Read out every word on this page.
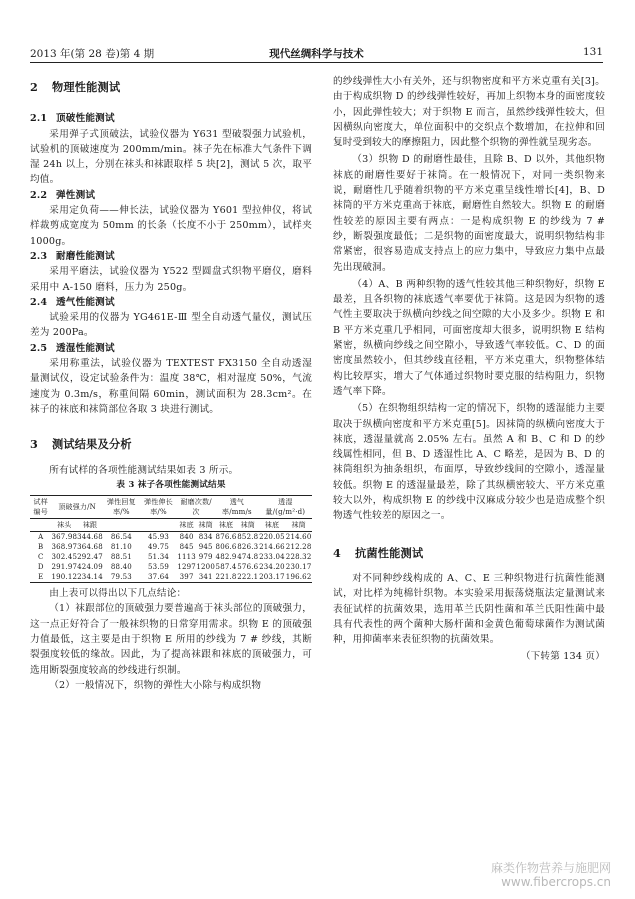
2013 年(第 28 卷)第 4 期	现代丝绸科学与技术	131
2 物理性能测试
2.1 顶破性能测试

采用弹子式顶破法，试验仪器为 Y631 型破裂强力试验机，试验机的顶破速度为 200mm/min。袜子先在标准大气条件下调湿 24h 以上，分别在袜头和袜跟取样 5 块[2]，测试 5 次，取平均值。

2.2 弹性测试

采用定负荷——伸长法，试验仪器为 Y601 型拉伸仪，将试样裁剪成宽度为 50mm 的长条（长度不小于 250mm），试样夹 1000g。

2.3 耐磨性能测试

采用平磨法，试验仪器为 Y522 型圆盘式织物平磨仪，磨料采用中 A-150 磨料，压力为 250g。

2.4 透气性能测试

试验采用的仪器为 YG461E-Ⅲ 型全自动透气量仪，测试压差为 200Pa。

2.5 透湿性能测试

采用称重法，试验仪器为 TEXTEST FX3150 全自动透湿量测试仪，设定试验条件为：温度 38℃，相对湿度 50%，气流速度为 0.3m/s，称重间隔 60min，测试面积为 28.3cm²。在袜子的袜底和袜筒部位各取 3 块进行测试。

3 测试结果及分析

所有试样的各项性能测试结果如表 3 所示。

表 3 袜子各项性能测试结果
试样编号	顶破强力/N		弹性回复率/%	弹性伸长率/%	耐磨次数/次		透气率/mm/s		透湿量/(g/m²·d)	
	袜头	袜跟			袜底	袜筒	袜底	袜筒	袜底	袜筒
A	367.98	344.68	86.54	45.93	840	834	876.6	852.8	220.05	214.60
B	368.97	364.68	81.10	49.75	845	945	806.6	826.3	214.66	212.28
C	302.45	292.47	88.51	51.34	1113	979	482.9	474.8	233.04	228.32
D	291.97	424.09	88.40	53.59	1297	1200	587.4	576.6	234.20	230.17
E	190.12	234.14	79.53	37.64	397	341	221.8	222.1	203.17	196.62

由上表可以得出以下几点结论：

（1）袜跟部位的顶破强力要普遍高于袜头部位的顶破强力，这一点正好符合了一般袜织物的日常穿用需求。织物 E 的顶破强力值最低，这主要是由于织物 E 所用的纱线为 7 # 纱线，其断裂强度较低的缘故。因此，为了提高袜跟和袜底的顶破强力，可选用断裂强度较高的纱线进行织制。

（2）一般情况下，织物的弹性大小除与构成织物

的纱线弹性大小有关外，还与织物密度和平方米克重有关[3]。由于构成织物 D 的纱线弹性较好，再加上织物本身的面密度较小，因此弹性较大；对于织物 E 而言，虽然纱线弹性较大，但因横纵向密度大，单位面积中的交织点个数增加，在拉伸和回复时受到较大的摩擦阻力，因此整个织物的弹性就呈现劣态。

（3）织物 D 的耐磨性最佳，且除 B、D 以外，其他织物袜底的耐磨性要好于袜筒。在一般情况下，对同一类织物来说，耐磨性几乎随着织物的平方米克重呈线性增长[4]，B、D 袜筒的平方米克重高于袜底，耐磨性自然较大。织物 E 的耐磨性较差的原因主要有两点：一是构成织物 E 的纱线为 7 # 纱，断裂强度最低；二是织物的面密度最大，说明织物结构非常紧密，很容易造成支持点上的应力集中，导致应力集中点最先出现破洞。

（4）A、B 两种织物的透气性较其他三种织物好，织物 E 最差，且各织物的袜底透气率要优于袜筒。这是因为织物的透气性主要取决于纵横向纱线之间空隙的大小及多少。织物 E 和 B 平方米克重几乎相同，可面密度却大很多，说明织物 E 结构紧密，纵横向纱线之间空隙小，导致透气率较低。C、D 的面密度虽然较小，但其纱线直径粗，平方米克重大，织物整体结构比较厚实，增大了气体通过织物时要克服的结构阻力，织物透气率下降。

（5）在织物组织结构一定的情况下，织物的透湿能力主要取决于纵横向密度和平方米克重[5]。因袜筒的纵横向密度大于袜底，透湿量就高 2.05% 左右。虽然 A 和 B、C 和 D 的纱线属性相同，但 B、D 透湿性比 A、C 略差，是因为 B、D 的袜筒组织为抽条组织，布面厚，导致纱线间的空隙小，透湿量较低。织物 E 的透湿量最差，除了其纵横密较大、平方米克重较大以外，构成织物 E 的纱线中汉麻成分较少也是造成整个织物透气性较差的原因之一。

4 抗菌性能测试

对不同种纱线构成的 A、C、E 三种织物进行抗菌性能测试，对比样为纯棉针织物。本实验采用振荡烧瓶法定量测试来表征试样的抗菌效果，选用革兰氏阴性菌和革兰氏阳性菌中最具有代表性的两个菌种大肠杆菌和金黄色葡萄球菌作为测试菌种，用抑菌率来表征织物的抗菌效果。

（下转第 134 页）
麻类作物营养与施肥网
www.fibercrops.cn
